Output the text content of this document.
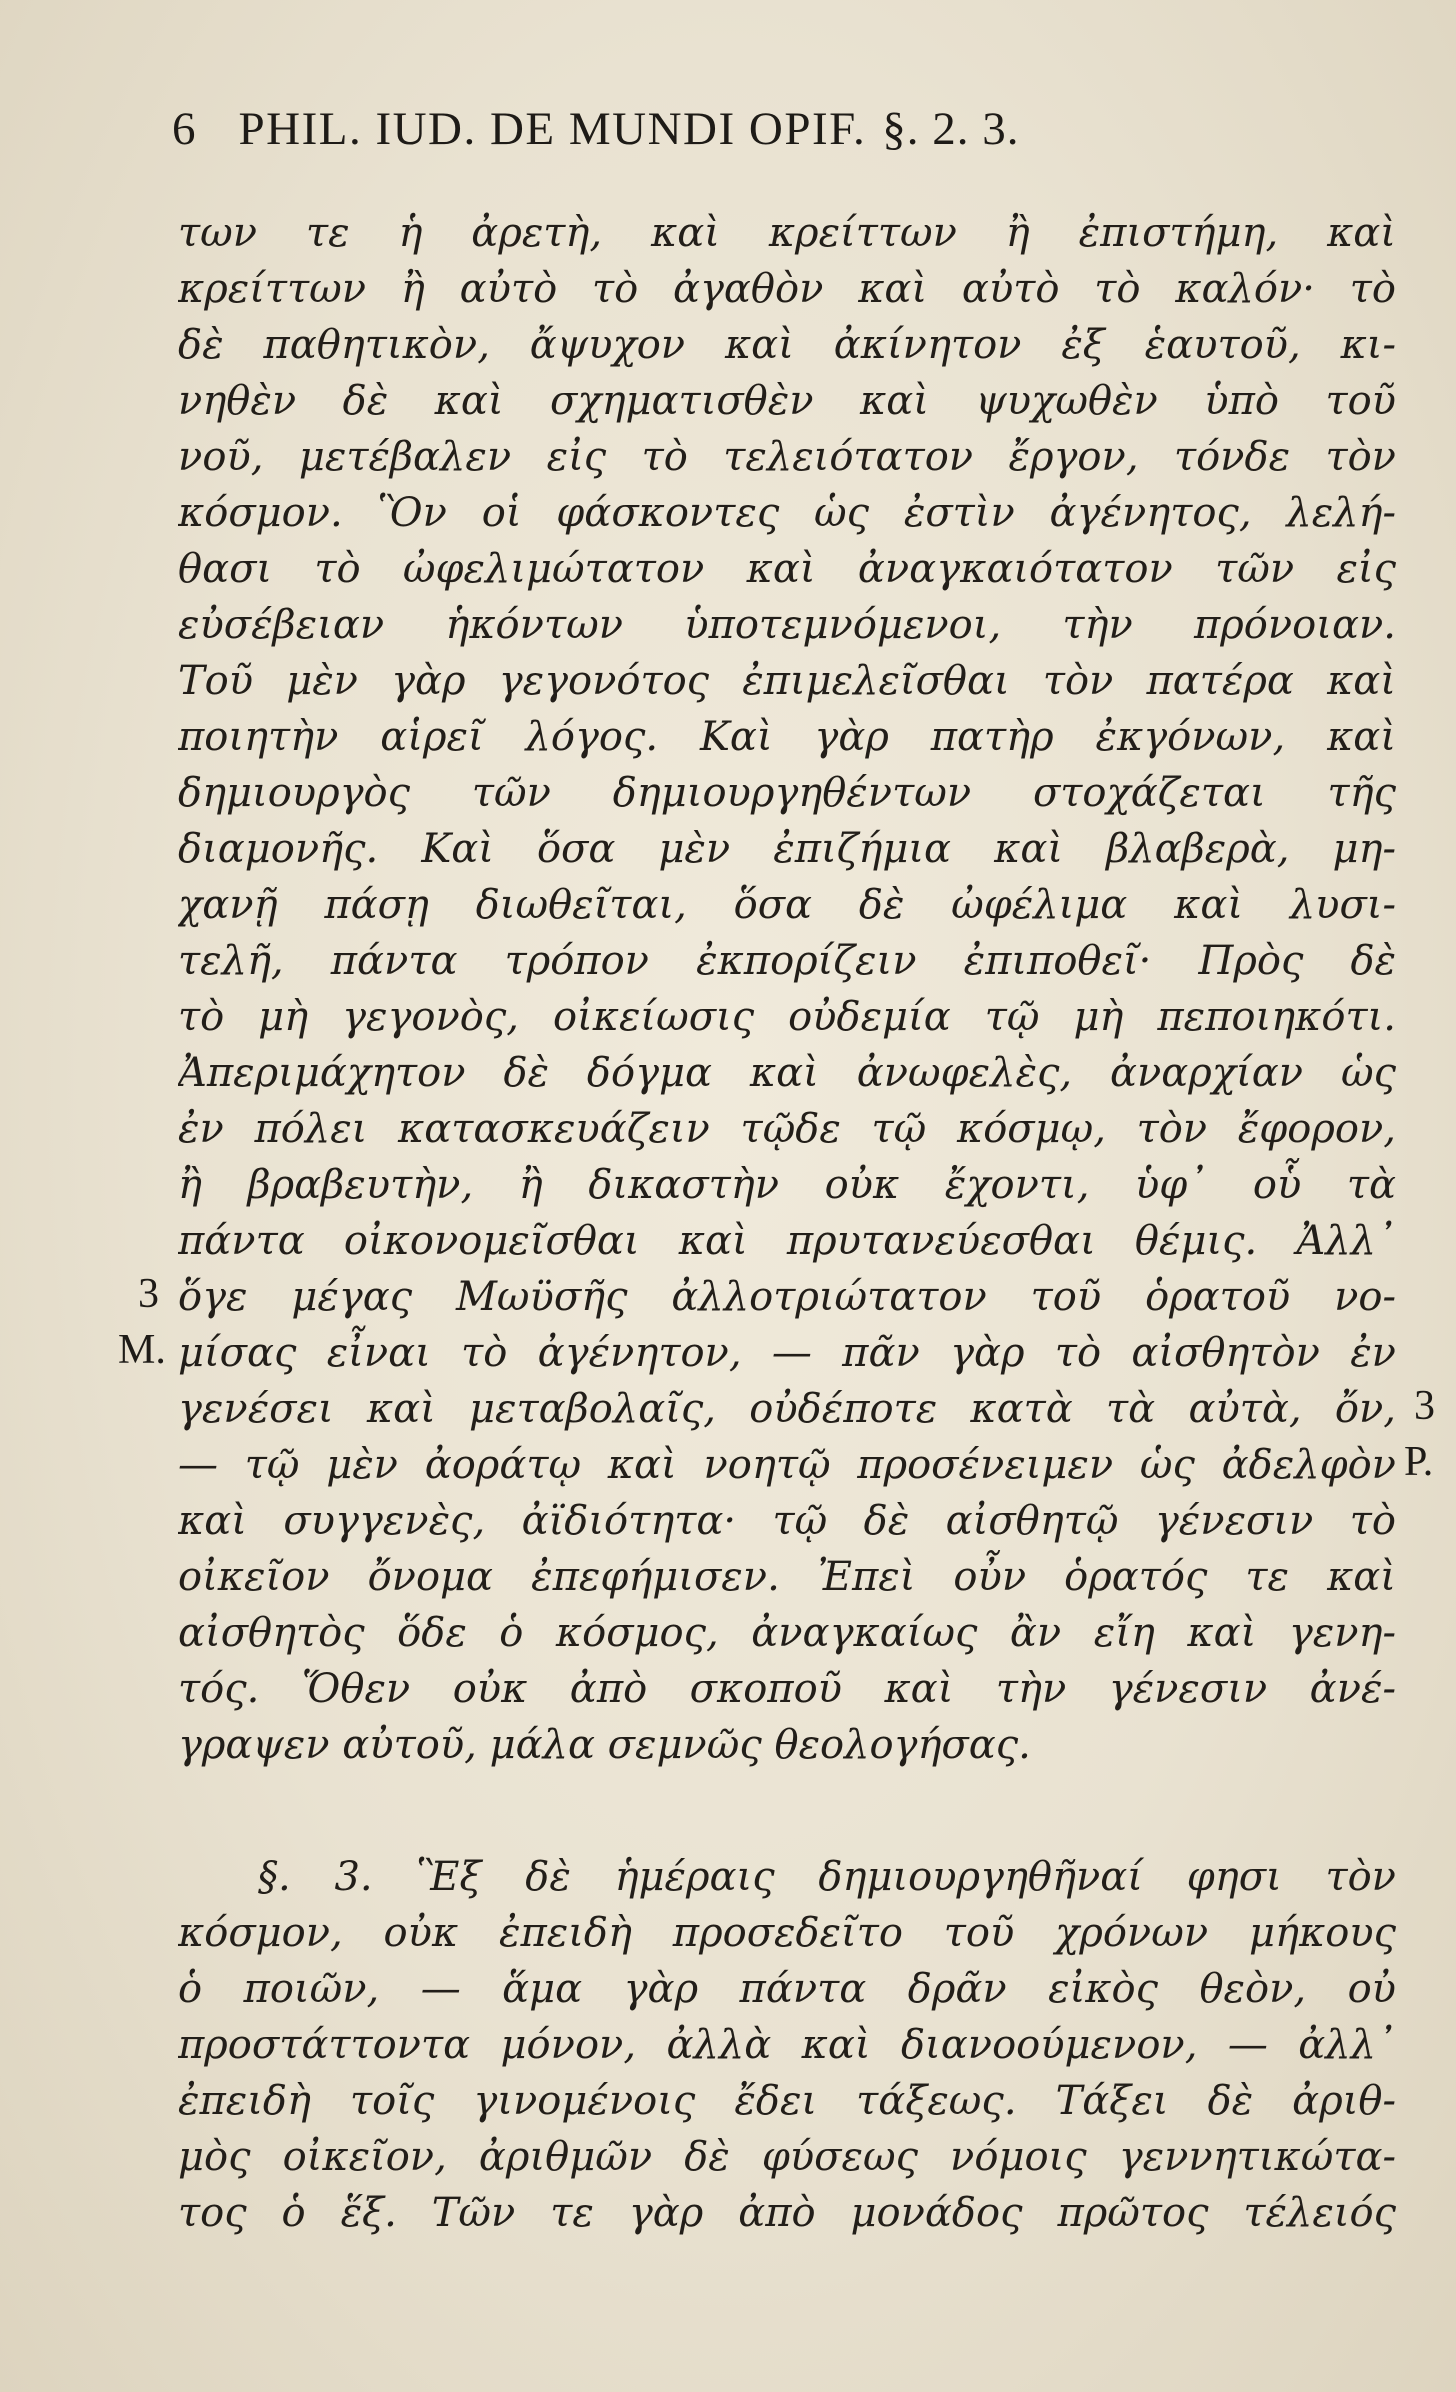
6 PHIL. IUD. DE MUNDI OPIF. §. 2. 3.
των τε ἡ ἀρετὴ, καὶ κρείττων ἢ ἐπιστήμη, καὶ
κρείττων ἢ αὐτὸ τὸ ἀγαθὸν καὶ αὐτὸ τὸ καλόν· τὸ
δὲ παθητικὸν, ἄψυχον καὶ ἀκίνητον ἐξ ἑαυτοῦ, κι-
νηθὲν δὲ καὶ σχηματισθὲν καὶ ψυχωθὲν ὑπὸ τοῦ
νοῦ, μετέβαλεν εἰς τὸ τελειότατον ἔργον, τόνδε τὸν
κόσμον. Ὃν οἱ φάσκοντες ὡς ἐστὶν ἀγένητος, λελή-
θασι τὸ ὠφελιμώτατον καὶ ἀναγκαιότατον τῶν εἰς
εὐσέβειαν ἡκόντων ὑποτεμνόμενοι, τὴν πρόνοιαν.
Τοῦ μὲν γὰρ γεγονότος ἐπιμελεῖσθαι τὸν πατέρα καὶ
ποιητὴν αἱρεῖ λόγος. Καὶ γὰρ πατὴρ ἐκγόνων, καὶ
δημιουργὸς τῶν δημιουργηθέντων στοχάζεται τῆς
διαμονῆς. Καὶ ὅσα μὲν ἐπιζήμια καὶ βλαβερὰ, μη-
χανῇ πάσῃ διωθεῖται, ὅσα δὲ ὠφέλιμα καὶ λυσι-
τελῆ, πάντα τρόπον ἐκπορίζειν ἐπιποθεῖ· Πρὸς δὲ
τὸ μὴ γεγονὸς, οἰκείωσις οὐδεμία τῷ μὴ πεποιηκότι.
Ἀπεριμάχητον δὲ δόγμα καὶ ἀνωφελὲς, ἀναρχίαν ὡς
ἐν πόλει κατασκευάζειν τῷδε τῷ κόσμῳ, τὸν ἔφορον,
ἢ βραβευτὴν, ἢ δικαστὴν οὐκ ἔχοντι, ὑφ᾽ οὗ τὰ
πάντα οἰκονομεῖσθαι καὶ πρυτανεύεσθαι θέμις. Ἀλλ᾽
ὅγε μέγας Μωϋσῆς ἀλλοτριώτατον τοῦ ὁρατοῦ νο-
μίσας εἶναι τὸ ἀγένητον, — πᾶν γὰρ τὸ αἰσθητὸν ἐν
γενέσει καὶ μεταβολαῖς, οὐδέποτε κατὰ τὰ αὐτὰ, ὄν,
— τῷ μὲν ἀοράτῳ καὶ νοητῷ προσένειμεν ὡς ἀδελφὸν
καὶ συγγενὲς, ἀϊδιότητα· τῷ δὲ αἰσθητῷ γένεσιν τὸ
οἰκεῖον ὄνομα ἐπεφήμισεν. Ἐπεὶ οὖν ὁρατός τε καὶ
αἰσθητὸς ὅδε ὁ κόσμος, ἀναγκαίως ἂν εἴη καὶ γενη-
τός. Ὅθεν οὐκ ἀπὸ σκοποῦ καὶ τὴν γένεσιν ἀνέ-
γραψεν αὐτοῦ, μάλα σεμνῶς θεολογήσας.
§. 3. Ἓξ δὲ ἡμέραις δημιουργηθῆναί φησι τὸν
κόσμον, οὐκ ἐπειδὴ προσεδεῖτο τοῦ χρόνων μήκους
ὁ ποιῶν, — ἅμα γὰρ πάντα δρᾶν εἰκὸς θεὸν, οὐ
προστάττοντα μόνον, ἀλλὰ καὶ διανοούμενον, — ἀλλ᾽
ἐπειδὴ τοῖς γινομένοις ἔδει τάξεως. Τάξει δὲ ἀριθ-
μὸς οἰκεῖον, ἀριθμῶν δὲ φύσεως νόμοις γεννητικώτα-
τος ὁ ἕξ. Τῶν τε γὰρ ἀπὸ μονάδος πρῶτος τέλειός
3
M.
3
P.
